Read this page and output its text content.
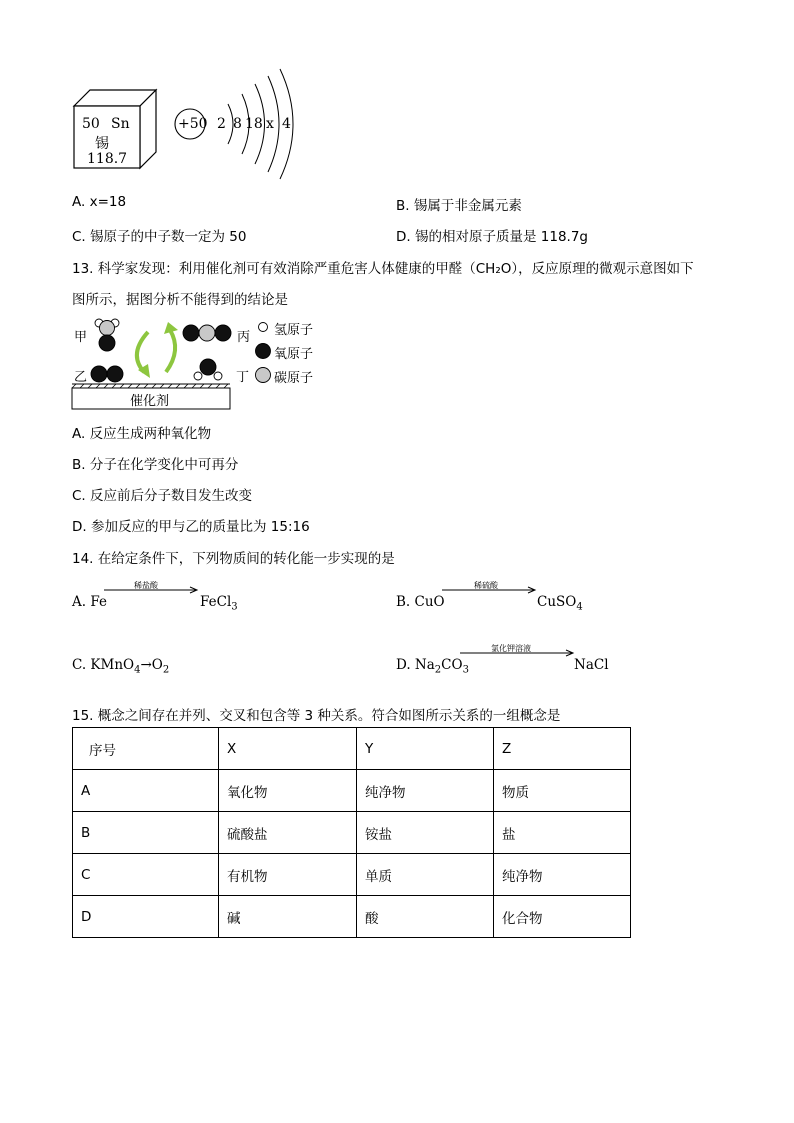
50 Sn
锡
118.7
+50 2 8 18 x 4
A. x=18	B. 锡属于非金属元素
C. 锡原子的中子数一定为 50	D. 锡的相对原子质量是 118.7g
13. 科学家发现：利用催化剂可有效消除严重危害人体健康的甲醛（CH₂O），反应原理的微观示意图如下
图所示，据图分析不能得到的结论是
甲
乙
丙
丁
催化剂
氢原子
氧原子
碳原子
A. 反应生成两种氧化物
B. 分子在化学变化中可再分
C. 反应前后分子数目发生改变
D. 参加反应的甲与乙的质量比为 15:16
14. 在给定条件下，下列物质间的转化能一步实现的是
A. Fe
稀盐酸
FeCl$_3$	B. CuO
稀硫酸
CuSO$_4$
C. $KMnO_4\to O_2$	D. $Na_2CO_3$
氯化钾溶液
NaCl
15. 概念之间存在并列、交叉和包含等 3 种关系。符合如图所示关系的一组概念是
序号	X	Y	Z
A	氧化物	纯净物	物质
B	硫酸盐	铵盐	盐
C	有机物	单质	纯净物
D	碱	酸	化合物
